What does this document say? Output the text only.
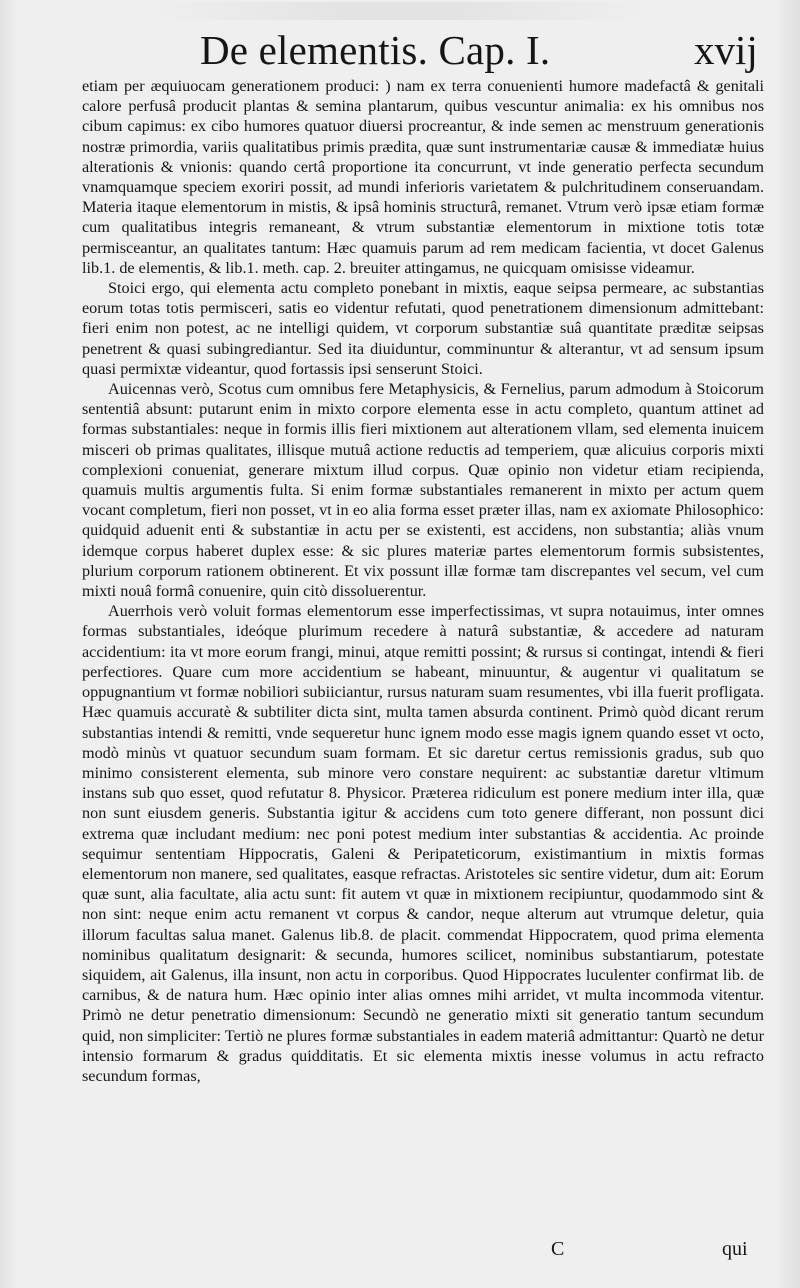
De elementis. Cap. I.	xvij

etiam per æquiuocam generationem produci: ) nam ex terra conuenienti humore madefactâ & genitali calore perfusâ producit plantas & semina plantarum, quibus vescuntur animalia: ex his omnibus nos cibum capimus: ex cibo humores quatuor diuersi procreantur, & inde semen ac menstruum generationis nostræ primordia, variis qualitatibus primis prædita, quæ sunt instrumentariæ causæ & immediatæ huius alterationis & vnionis: quando certâ proportione ita concurrunt, vt inde generatio perfecta secundum vnamquamque speciem exoriri possit, ad mundi inferioris varietatem & pulchritudinem conseruandam. Materia itaque elementorum in mistis, & ipsâ hominis structurâ, remanet. Vtrum verò ipsæ etiam formæ cum qualitatibus integris remaneant, & vtrum substantiæ elementorum in mixtione totis totæ permisceantur, an qualitates tantum: Hæc quamuis parum ad rem medicam facientia, vt docet Galenus lib.1. de elementis, & lib.1. meth. cap. 2. breuiter attingamus, ne quicquam omisisse videamur.

Stoici ergo, qui elementa actu completo ponebant in mixtis, eaque seipsa permeare, ac substantias eorum totas totis permisceri, satis eo videntur refutati, quod penetrationem dimensionum admittebant: fieri enim non potest, ac ne intelligi quidem, vt corporum substantiæ suâ quantitate præditæ seipsas penetrent & quasi subingrediantur. Sed ita diuiduntur, comminuntur & alterantur, vt ad sensum ipsum quasi permixtæ videantur, quod fortassis ipsi senserunt Stoici.

Auicennas verò, Scotus cum omnibus fere Metaphysicis, & Fernelius, parum admodum à Stoicorum sententiâ absunt: putarunt enim in mixto corpore elementa esse in actu completo, quantum attinet ad formas substantiales: neque in formis illis fieri mixtionem aut alterationem vllam, sed elementa inuicem misceri ob primas qualitates, illisque mutuâ actione reductis ad temperiem, quæ alicuius corporis mixti complexioni conueniat, generare mixtum illud corpus. Quæ opinio non videtur etiam recipienda, quamuis multis argumentis fulta. Si enim formæ substantiales remanerent in mixto per actum quem vocant completum, fieri non posset, vt in eo alia forma esset præter illas, nam ex axiomate Philosophico: quidquid aduenit enti & substantiæ in actu per se existenti, est accidens, non substantia; aliàs vnum idemque corpus haberet duplex esse: & sic plures materiæ partes elementorum formis subsistentes, plurium corporum rationem obtinerent. Et vix possunt illæ formæ tam discrepantes vel secum, vel cum mixti nouâ formâ conuenire, quin citò dissoluerentur.

Auerrhois verò voluit formas elementorum esse imperfectissimas, vt supra notauimus, inter omnes formas substantiales, ideóque plurimum recedere à naturâ substantiæ, & accedere ad naturam accidentium: ita vt more eorum frangi, minui, atque remitti possint; & rursus si contingat, intendi & fieri perfectiores. Quare cum more accidentium se habeant, minuuntur, & augentur vi qualitatum se oppugnantium vt formæ nobiliori subiiciantur, rursus naturam suam resumentes, vbi illa fuerit profligata. Hæc quamuis accuratè & subtiliter dicta sint, multa tamen absurda continent. Primò quòd dicant rerum substantias intendi & remitti, vnde sequeretur hunc ignem modo esse magis ignem quando esset vt octo, modò minùs vt quatuor secundum suam formam. Et sic daretur certus remissionis gradus, sub quo minimo consisterent elementa, sub minore vero constare nequirent: ac substantiæ daretur vltimum instans sub quo esset, quod refutatur 8. Physicor. Præterea ridiculum est ponere medium inter illa, quæ non sunt eiusdem generis. Substantia igitur & accidens cum toto genere differant, non possunt dici extrema quæ includant medium: nec poni potest medium inter substantias & accidentia. Ac proinde sequimur sententiam Hippocratis, Galeni & Peripateticorum, existimantium in mixtis formas elementorum non manere, sed qualitates, easque refractas. Aristoteles sic sentire videtur, dum ait: Eorum quæ sunt, alia facultate, alia actu sunt: fit autem vt quæ in mixtionem recipiuntur, quodammodo sint & non sint: neque enim actu remanent vt corpus & candor, neque alterum aut vtrumque deletur, quia illorum facultas salua manet. Galenus lib.8. de placit. commendat Hippocratem, quod prima elementa nominibus qualitatum designarit: & secunda, humores scilicet, nominibus substantiarum, potestate siquidem, ait Galenus, illa insunt, non actu in corporibus. Quod Hippocrates luculenter confirmat lib. de carnibus, & de natura hum. Hæc opinio inter alias omnes mihi arridet, vt multa incommoda vitentur. Primò ne detur penetratio dimensionum: Secundò ne generatio mixti sit generatio tantum secundum quid, non simpliciter: Tertiò ne plures formæ substantiales in eadem materiâ admittantur: Quartò ne detur intensio formarum & gradus quidditatis. Et sic elementa mixtis inesse volumus in actu refracto secundum formas,

C	qui
